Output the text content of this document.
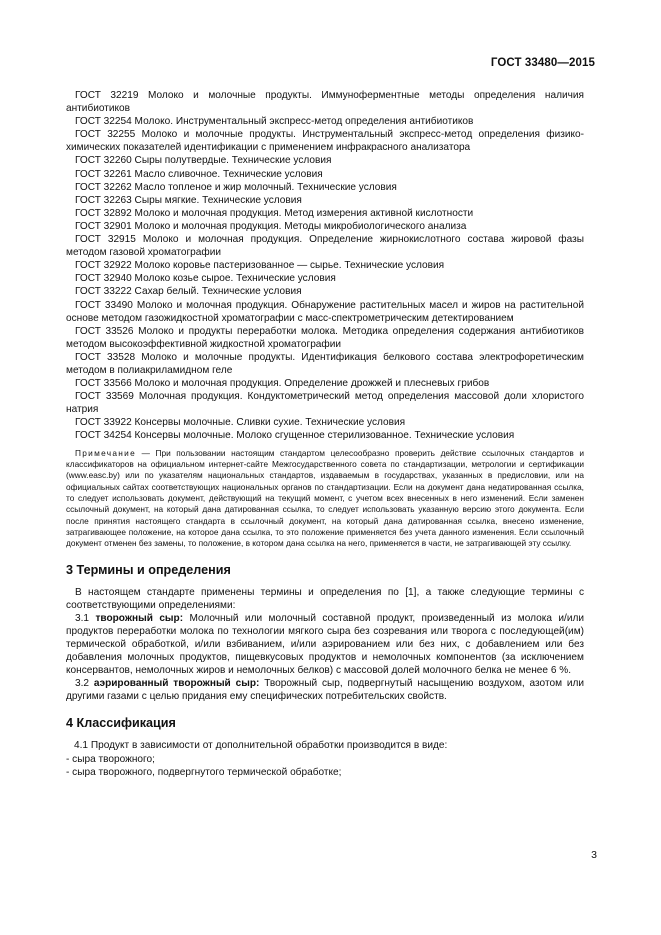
ГОСТ 33480—2015
ГОСТ 32219 Молоко и молочные продукты. Иммуноферментные методы определения наличия антибиотиков
ГОСТ 32254 Молоко. Инструментальный экспресс-метод определения антибиотиков
ГОСТ 32255 Молоко и молочные продукты. Инструментальный экспресс-метод определения физико-химических показателей идентификации с применением инфракрасного анализатора
ГОСТ 32260 Сыры полутвердые. Технические условия
ГОСТ 32261 Масло сливочное. Технические условия
ГОСТ 32262 Масло топленое и жир молочный. Технические условия
ГОСТ 32263 Сыры мягкие. Технические условия
ГОСТ 32892 Молоко и молочная продукция. Метод измерения активной кислотности
ГОСТ 32901 Молоко и молочная продукция. Методы микробиологического анализа
ГОСТ 32915 Молоко и молочная продукция. Определение жирнокислотного состава жировой фазы методом газовой хроматографии
ГОСТ 32922 Молоко коровье пастеризованное — сырье. Технические условия
ГОСТ 32940 Молоко козье сырое. Технические условия
ГОСТ 33222 Сахар белый. Технические условия
ГОСТ 33490 Молоко и молочная продукция. Обнаружение растительных масел и жиров на растительной основе методом газожидкостной хроматографии с масс-спектрометрическим детектированием
ГОСТ 33526 Молоко и продукты переработки молока. Методика определения содержания антибиотиков методом высокоэффективной жидкостной хроматографии
ГОСТ 33528 Молоко и молочные продукты. Идентификация белкового состава электрофоретическим методом в полиакриламидном геле
ГОСТ 33566 Молоко и молочная продукция. Определение дрожжей и плесневых грибов
ГОСТ 33569 Молочная продукция. Кондуктометрический метод определения массовой доли хлористого натрия
ГОСТ 33922 Консервы молочные. Сливки сухие. Технические условия
ГОСТ 34254 Консервы молочные. Молоко сгущенное стерилизованное. Технические условия
Примечание — При пользовании настоящим стандартом целесообразно проверить действие ссылочных стандартов и классификаторов на официальном интернет-сайте Межгосударственного совета по стандартизации, метрологии и сертификации (www.easc.by) или по указателям национальных стандартов, издаваемым в государствах, указанных в предисловии, или на официальных сайтах соответствующих национальных органов по стандартизации. Если на документ дана недатированная ссылка, то следует использовать документ, действующий на текущий момент, с учетом всех внесенных в него изменений. Если заменен ссылочный документ, на который дана датированная ссылка, то следует использовать указанную версию этого документа. Если после принятия настоящего стандарта в ссылочный документ, на который дана датированная ссылка, внесено изменение, затрагивающее положение, на которое дана ссылка, то это положение применяется без учета данного изменения. Если ссылочный документ отменен без замены, то положение, в котором дана ссылка на него, применяется в части, не затрагивающей эту ссылку.
3 Термины и определения
В настоящем стандарте применены термины и определения по [1], а также следующие термины с соответствующими определениями:
3.1 творожный сыр: Молочный или молочный составной продукт, произведенный из молока и/или продуктов переработки молока по технологии мягкого сыра без созревания или творога с последующей(им) термической обработкой, и/или взбиванием, и/или аэрированием или без них, с добавлением или без добавления молочных продуктов, пищевкусовых продуктов и немолочных компонентов (за исключением консервантов, немолочных жиров и немолочных белков) с массовой долей молочного белка не менее 6 %.
3.2 аэрированный творожный сыр: Творожный сыр, подвергнутый насыщению воздухом, азотом или другими газами с целью придания ему специфических потребительских свойств.
4 Классификация
4.1 Продукт в зависимости от дополнительной обработки производится в виде:
- сыра творожного;
- сыра творожного, подвергнутого термической обработке;
3
